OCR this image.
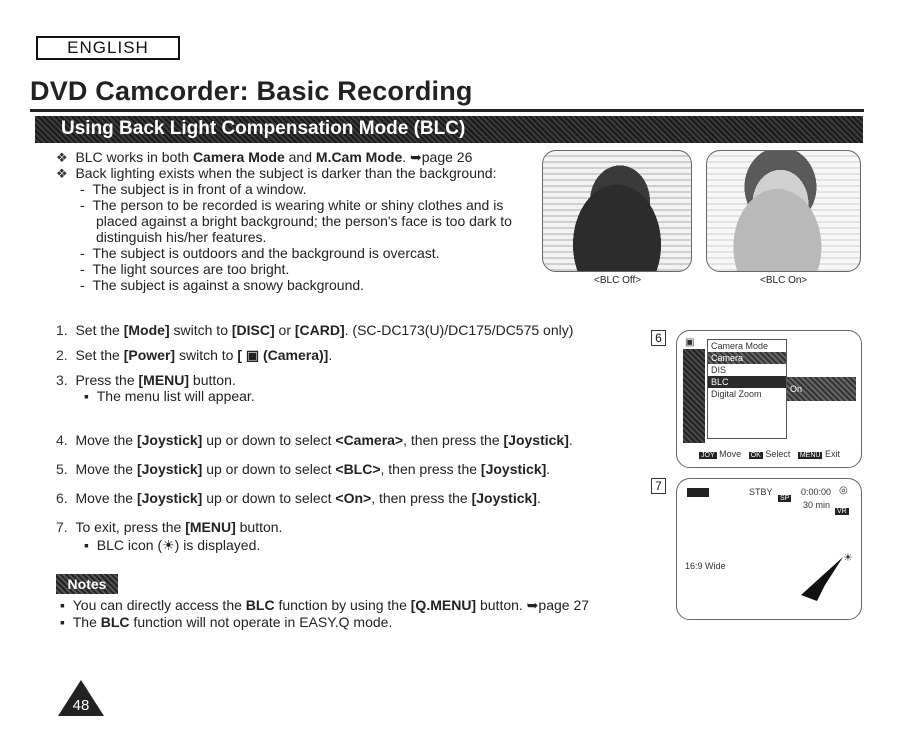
ENGLISH
DVD Camcorder: Basic Recording
Using Back Light Compensation Mode (BLC)
❖ BLC works in both Camera Mode and M.Cam Mode. ➥page 26
❖ Back lighting exists when the subject is darker than the background:
-  The subject is in front of a window.
-  The person to be recorded is wearing white or shiny clothes and is
placed against a bright background; the person's face is too dark to
distinguish his/her features.
-  The subject is outdoors and the background is overcast.
-  The light sources are too bright.
-  The subject is against a snowy background.	<BLC Off>	<BLC On>
1. Set the [Mode] switch to [DISC] or [CARD]. (SC-DC173(U)/DC175/DC575 only)
2. Set the [Power] switch to [ ▣ (Camera)].
3. Press the [MENU] button.
▪ The menu list will appear.
4. Move the [Joystick] up or down to select <Camera>, then press the [Joystick].
5. Move the [Joystick] up or down to select <BLC>, then press the [Joystick].
6. Move the [Joystick] up or down to select <On>, then press the [Joystick].
7. To exit, press the [MENU] button.
▪ BLC icon (☀) is displayed.
6	▣	Camera Mode
Camera
DIS
BLC
Digital Zoom	On
JOY Move OK Select MENU Exit
7	STBY
SP
0:00:00 ◎
30 min
VR
16:9 Wide
☀
Notes
▪ You can directly access the BLC function by using the [Q.MENU] button. ➥page 27
▪ The BLC function will not operate in EASY.Q mode.
48
